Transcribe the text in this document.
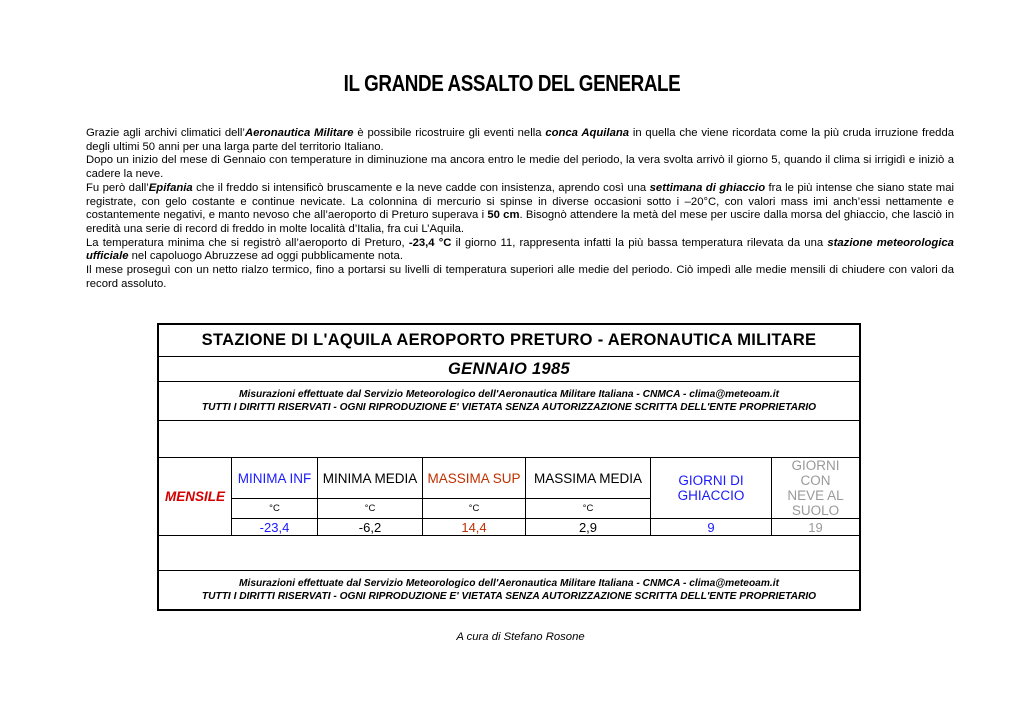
IL GRANDE ASSALTO DEL GENERALE

Grazie agli archivi climatici dell’Aeronautica Militare è possibile ricostruire gli eventi nella conca Aquilana in quella che viene ricordata come la più cruda irruzione fredda degli ultimi 50 anni per una larga parte del territorio Italiano.

Dopo un inizio del mese di Gennaio con temperature in diminuzione ma ancora entro le medie del periodo, la vera svolta arrivò il giorno 5, quando il clima si irrigidì e iniziò a cadere la neve.

Fu però dall’Epifania che il freddo si intensificò bruscamente e la neve cadde con insistenza, aprendo così una settimana di ghiaccio fra le più intense che siano state mai registrate, con gelo costante e continue nevicate. La colonnina di mercurio si spinse in diverse occasioni sotto i –20°C, con valori mass imi anch’essi nettamente e costantemente negativi, e manto nevoso che all’aeroporto di Preturo superava i 50 cm. Bisognò attendere la metà del mese per uscire dalla morsa del ghiaccio, che lasciò in eredità una serie di record di freddo in molte località d’Italia, fra cui L’Aquila.

La temperatura minima che si registrò all’aeroporto di Preturo, -23,4 °C il giorno 11, rappresenta infatti la più bassa temperatura rilevata da una stazione meteorologica ufficiale nel capoluogo Abruzzese ad oggi pubblicamente nota.

Il mese proseguì con un netto rialzo termico, fino a portarsi su livelli di temperatura superiori alle medie del periodo. Ciò impedì alle medie mensili di chiudere con valori da record assoluto.

STAZIONE DI L'AQUILA AEROPORTO PRETURO - AERONAUTICA MILITARE						
GENNAIO 1985						

Misurazioni effettuate dal Servizio Meteorologico dell'Aeronautica Militare Italiana - CNMCA - clima@meteoam.it
TUTTI I DIRITTI RISERVATI - OGNI RIPRODUZIONE E' VIETATA SENZA AUTORIZZAZIONE SCRITTA DELL'ENTE PROPRIETARIO						

MENSILE	MINIMA INF	MINIMA MEDIA	MASSIMA SUP	MASSIMA MEDIA	GIORNI DI GHIACCIO	GIORNI CON NEVE AL SUOLO
	°C	°C	°C	°C		
	-23,4	-6,2	14,4	2,9	9	19

Misurazioni effettuate dal Servizio Meteorologico dell'Aeronautica Militare Italiana - CNMCA - clima@meteoam.it
TUTTI I DIRITTI RISERVATI - OGNI RIPRODUZIONE E' VIETATA SENZA AUTORIZZAZIONE SCRITTA DELL'ENTE PROPRIETARIO						
A cura di Stefano Rosone
